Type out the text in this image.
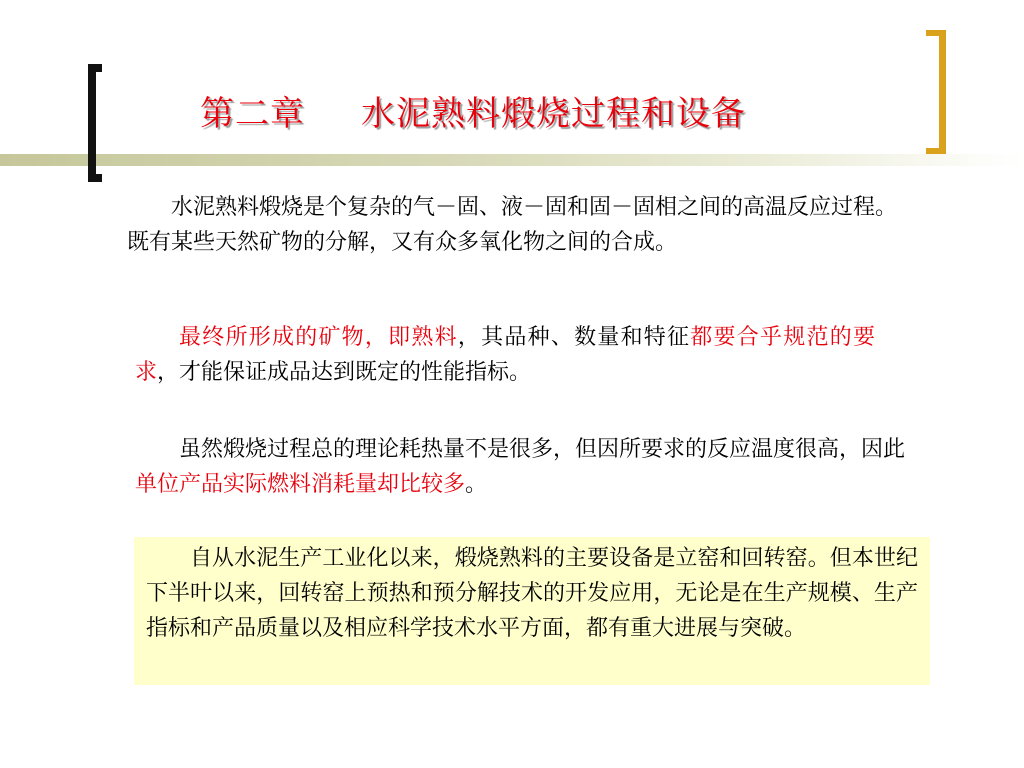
第二章 水泥熟料煅烧过程和设备

水泥熟料煅烧是个复杂的气－固、液－固和固－固相之间的高温反应过程。既有某些天然矿物的分解，又有众多氧化物之间的合成。

最终所形成的矿物，即熟料，其品种、数量和特征都要合乎规范的要求，才能保证成品达到既定的性能指标。

虽然煅烧过程总的理论耗热量不是很多，但因所要求的反应温度很高，因此单位产品实际燃料消耗量却比较多。

自从水泥生产工业化以来，煅烧熟料的主要设备是立窑和回转窑。但本世纪下半叶以来，回转窑上预热和预分解技术的开发应用，无论是在生产规模、生产指标和产品质量以及相应科学技术水平方面，都有重大进展与突破。
